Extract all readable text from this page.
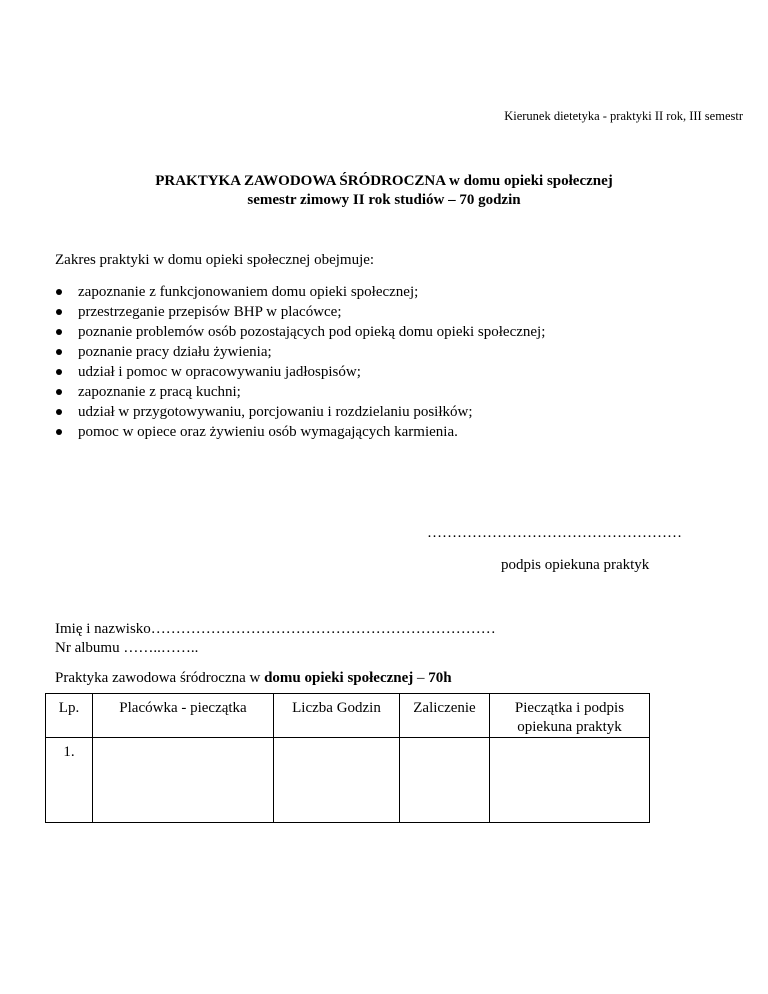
Kierunek dietetyka - praktyki II rok, III semestr
PRAKTYKA ZAWODOWA ŚRÓDROCZNA w domu opieki społecznej
semestr zimowy II rok studiów – 70 godzin
Zakres praktyki w domu opieki społecznej obejmuje:
zapoznanie z funkcjonowaniem domu opieki społecznej;
przestrzeganie przepisów BHP w placówce;
poznanie problemów osób pozostających pod opieką domu opieki społecznej;
poznanie pracy działu żywienia;
udział i pomoc w opracowywaniu jadłospisów;
zapoznanie z pracą kuchni;
udział w przygotowywaniu, porcjowaniu i rozdzielaniu posiłków;
pomoc w opiece oraz żywieniu osób wymagających karmienia.
……………………………………………
podpis opiekuna praktyk
Imię i nazwisko……………………………………………………………
Nr albumu ……..……..
Praktyka zawodowa śródroczna w domu opieki społecznej – 70h
Lp.	Placówka - pieczątka	Liczba Godzin	Zaliczenie	Pieczątka i podpis opiekuna praktyk
1.				
